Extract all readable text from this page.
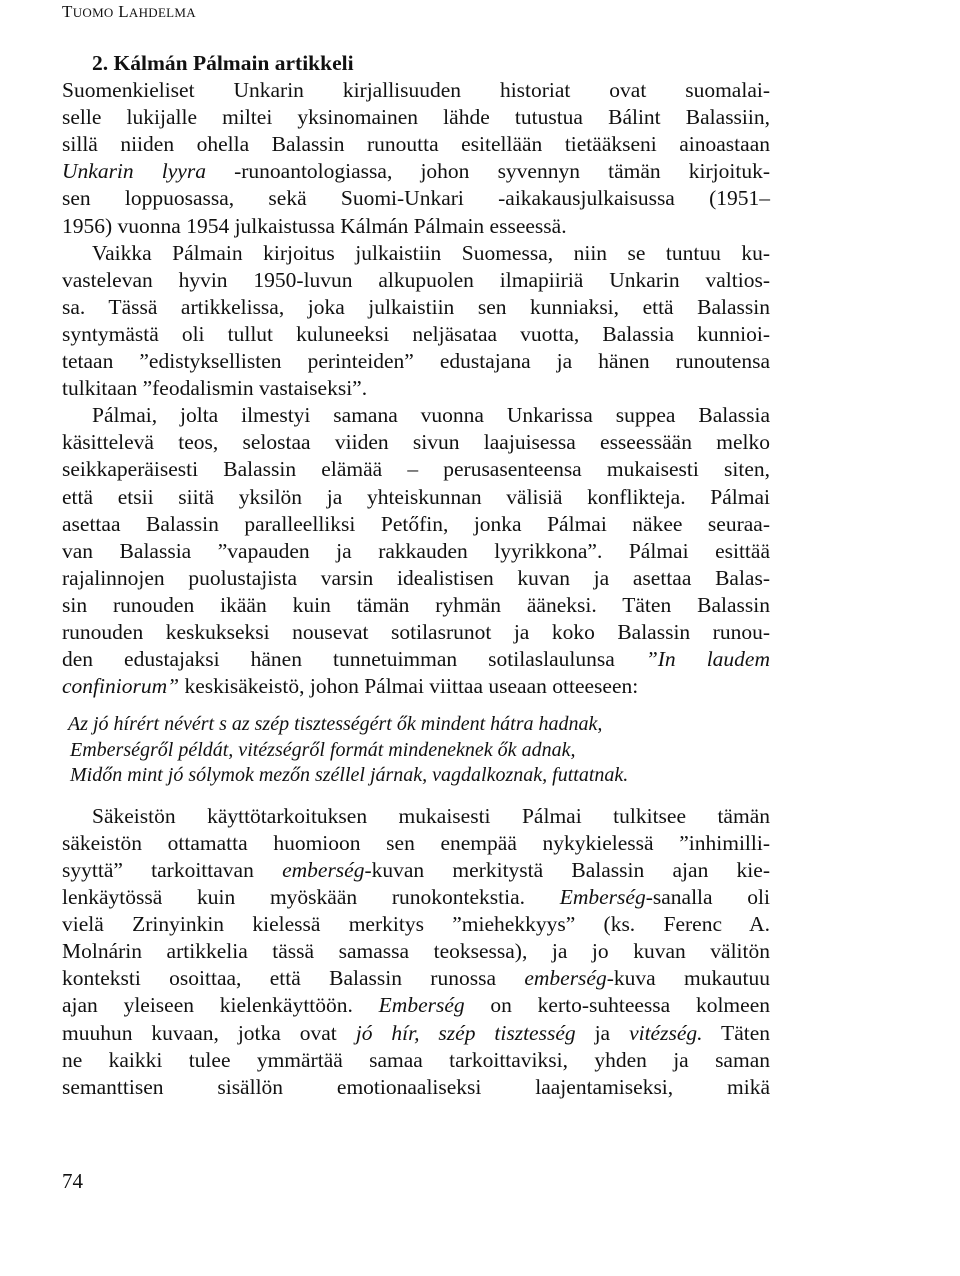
TUOMO LAHDELMA
2. Kálmán Pálmain artikkeli
Suomenkieliset Unkarin kirjallisuuden historiat ovat suomalai-
selle lukijalle miltei yksinomainen lähde tutustua Bálint Balassiin,
sillä niiden ohella Balassin runoutta esitellään tietääkseni ainoastaan
Unkarin lyyra -runoantologiassa, johon syvennyn tämän kirjoituk-
sen loppuosassa, sekä Suomi-Unkari -aikakausjulkaisussa (1951–
1956) vuonna 1954 julkaistussa Kálmán Pálmain esseessä.
Vaikka Pálmain kirjoitus julkaistiin Suomessa, niin se tuntuu ku-
vastelevan hyvin 1950-luvun alkupuolen ilmapiiriä Unkarin valtios-
sa. Tässä artikkelissa, joka julkaistiin sen kunniaksi, että Balassin
syntymästä oli tullut kuluneeksi neljäsataa vuotta, Balassia kunnioi-
tetaan ”edistyksellisten perinteiden” edustajana ja hänen runoutensa
tulkitaan ”feodalismin vastaiseksi”.
Pálmai, jolta ilmestyi samana vuonna Unkarissa suppea Balassia
käsittelevä teos, selostaa viiden sivun laajuisessa esseessään melko
seikkaperäisesti Balassin elämää – perusasenteensa mukaisesti siten,
että etsii siitä yksilön ja yhteiskunnan välisiä konflikteja. Pálmai
asettaa Balassin paralleelliksi Petőfin, jonka Pálmai näkee seuraa-
van Balassia ”vapauden ja rakkauden lyyrikkona”. Pálmai esittää
rajalinnojen puolustajista varsin idealistisen kuvan ja asettaa Balas-
sin runouden ikään kuin tämän ryhmän ääneksi. Täten Balassin
runouden keskukseksi nousevat sotilasrunot ja koko Balassin runou-
den edustajaksi hänen tunnetuimman sotilaslaulunsa ”In laudem
confiniorum” keskisäkeistö, johon Pálmai viittaa useaan otteeseen:
Az jó hírért névért s az szép tisztességért ők mindent hátra hadnak,
Emberségről példát, vitézségről formát mindeneknek ők adnak,
Midőn mint jó sólymok mezőn széllel járnak, vagdalkoznak, futtatnak.
Säkeistön käyttötarkoituksen mukaisesti Pálmai tulkitsee tämän
säkeistön ottamatta huomioon sen enempää nykykielessä ”inhimilli-
syyttä” tarkoittavan emberség-kuvan merkitystä Balassin ajan kie-
lenkäytössä kuin myöskään runokontekstia. Emberség-sanalla oli
vielä Zrinyinkin kielessä merkitys ”miehekkyys” (ks. Ferenc A.
Molnárin artikkelia tässä samassa teoksessa), ja jo kuvan välitön
konteksti osoittaa, että Balassin runossa emberség-kuva mukautuu
ajan yleiseen kielenkäyttöön. Emberség on kerto-suhteessa kolmeen
muuhun kuvaan, jotka ovat jó hír, szép tisztesség ja vitézség. Täten
ne kaikki tulee ymmärtää samaa tarkoittaviksi, yhden ja saman
semanttisen sisällön emotionaaliseksi laajentamiseksi, mikä
74
